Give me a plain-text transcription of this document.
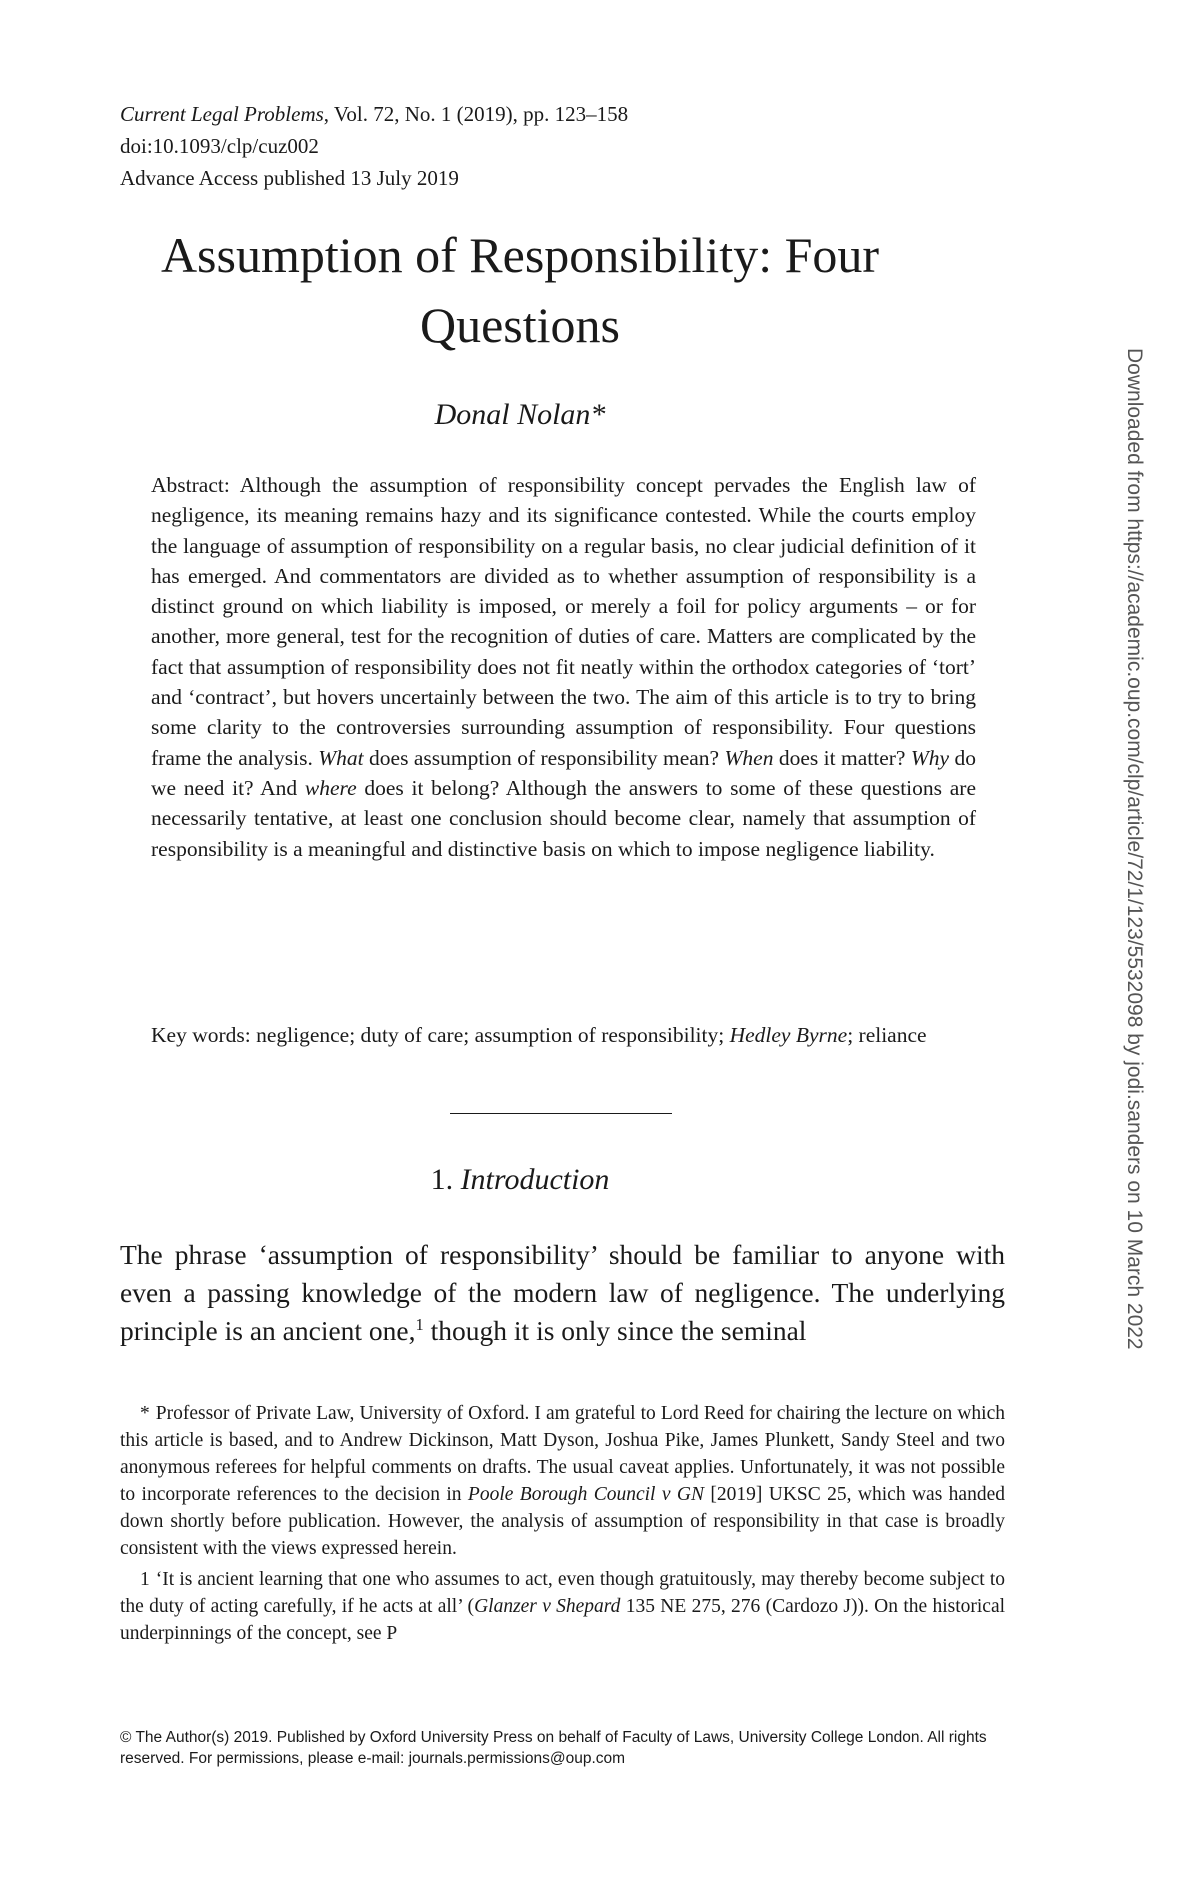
Current Legal Problems, Vol. 72, No. 1 (2019), pp. 123–158
doi:10.1093/clp/cuz002
Advance Access published 13 July 2019
Assumption of Responsibility: Four Questions
Donal Nolan*
Abstract: Although the assumption of responsibility concept pervades the English law of negligence, its meaning remains hazy and its significance contested. While the courts employ the language of assumption of responsibility on a regular basis, no clear judicial definition of it has emerged. And commentators are divided as to whether assumption of responsibility is a distinct ground on which liability is imposed, or merely a foil for policy arguments – or for another, more general, test for the recognition of duties of care. Matters are complicated by the fact that assumption of responsibility does not fit neatly within the orthodox categories of ‘tort’ and ‘contract’, but hovers uncertainly between the two. The aim of this article is to try to bring some clarity to the controversies surrounding assumption of responsibility. Four questions frame the analysis. What does assumption of responsibility mean? When does it matter? Why do we need it? And where does it belong? Although the answers to some of these questions are necessarily tentative, at least one conclusion should become clear, namely that assumption of responsibility is a meaningful and distinctive basis on which to impose negligence liability.
Key words: negligence; duty of care; assumption of responsibility; Hedley Byrne; reliance
1. Introduction
The phrase ‘assumption of responsibility’ should be familiar to anyone with even a passing knowledge of the modern law of negligence. The underlying principle is an ancient one,$^1$ though it is only since the seminal
* Professor of Private Law, University of Oxford. I am grateful to Lord Reed for chairing the lecture on which this article is based, and to Andrew Dickinson, Matt Dyson, Joshua Pike, James Plunkett, Sandy Steel and two anonymous referees for helpful comments on drafts. The usual caveat applies. Unfortunately, it was not possible to incorporate references to the decision in Poole Borough Council v GN [2019] UKSC 25, which was handed down shortly before publication. However, the analysis of assumption of responsibility in that case is broadly consistent with the views expressed herein.
1 ‘It is ancient learning that one who assumes to act, even though gratuitously, may thereby become subject to the duty of acting carefully, if he acts at all’ (Glanzer v Shepard 135 NE 275, 276 (Cardozo J)). On the historical underpinnings of the concept, see P
© The Author(s) 2019. Published by Oxford University Press on behalf of Faculty of Laws, University College London. All rights reserved. For permissions, please e-mail: journals.permissions@oup.com
Downloaded from https://academic.oup.com/clp/article/72/1/123/5532098 by jodi.sanders on 10 March 2022
